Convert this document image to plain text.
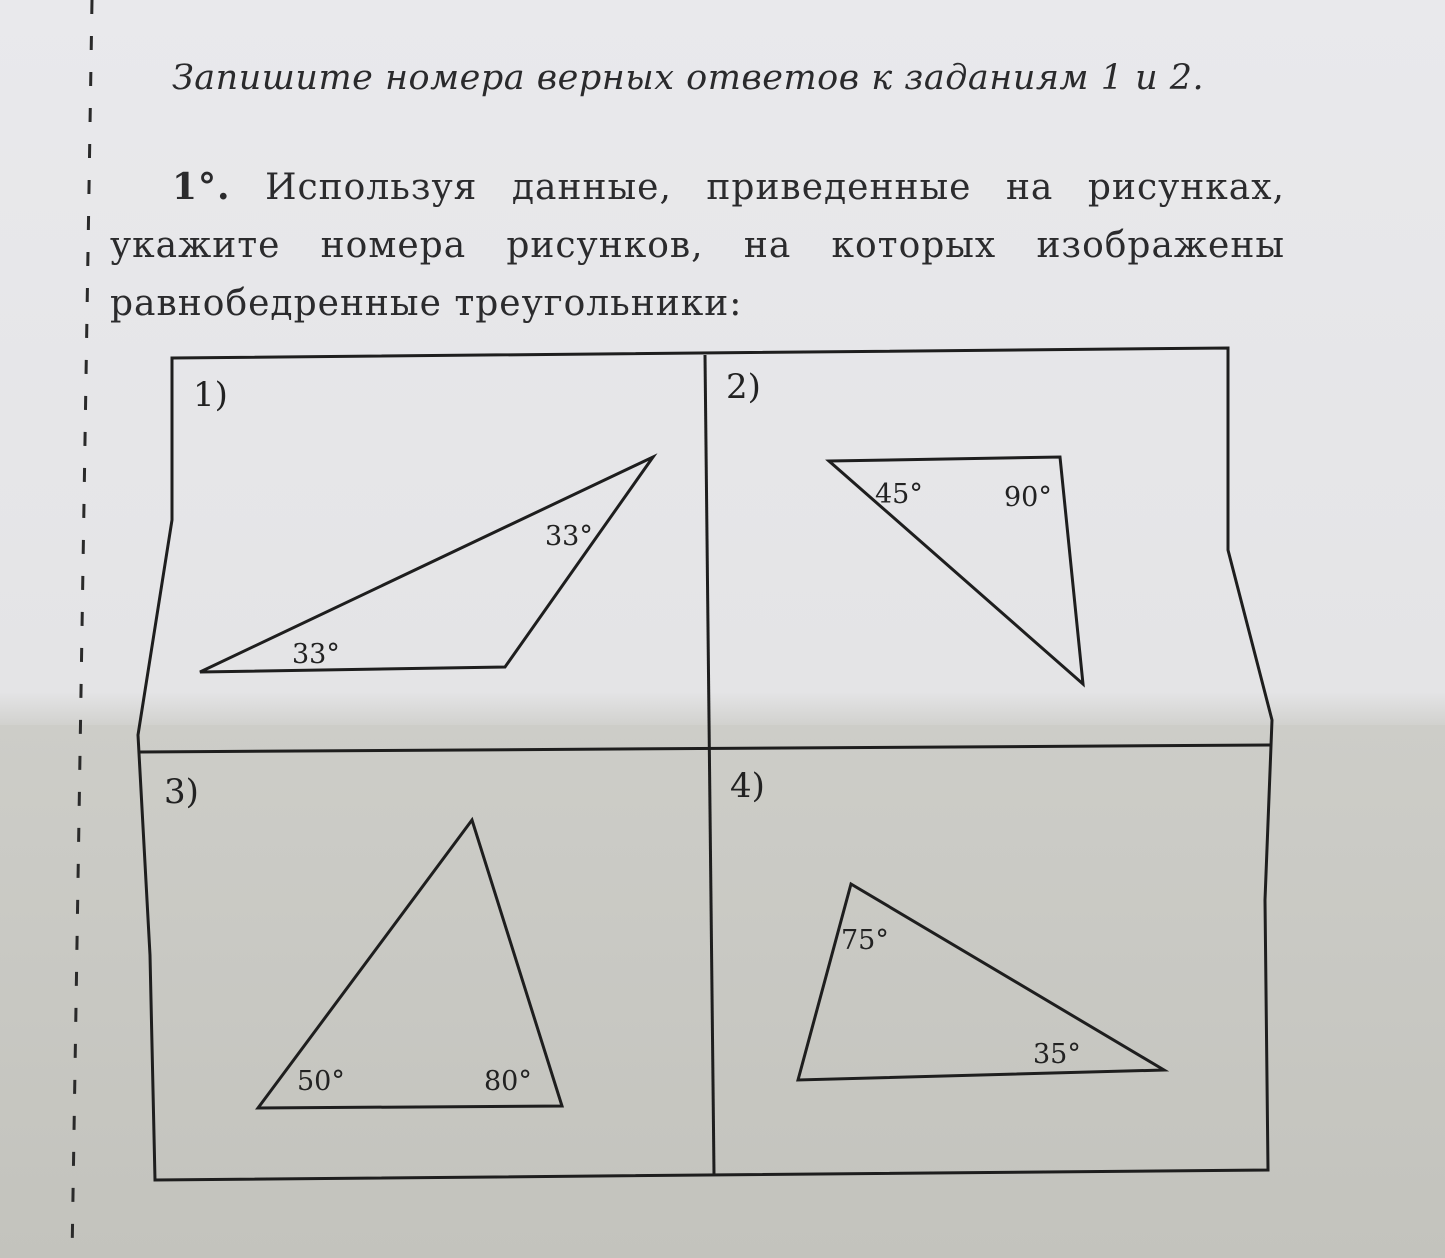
Запишите номера верных ответов к заданиям 1 и 2.

1°. Используя данные, приведенные на рисунках, укажите номера рисунков, на которых изображены равнобедренные треугольники:

1)
33°
33°
2)
45°	90°
3)
50°	80°
4)
75°
35°
